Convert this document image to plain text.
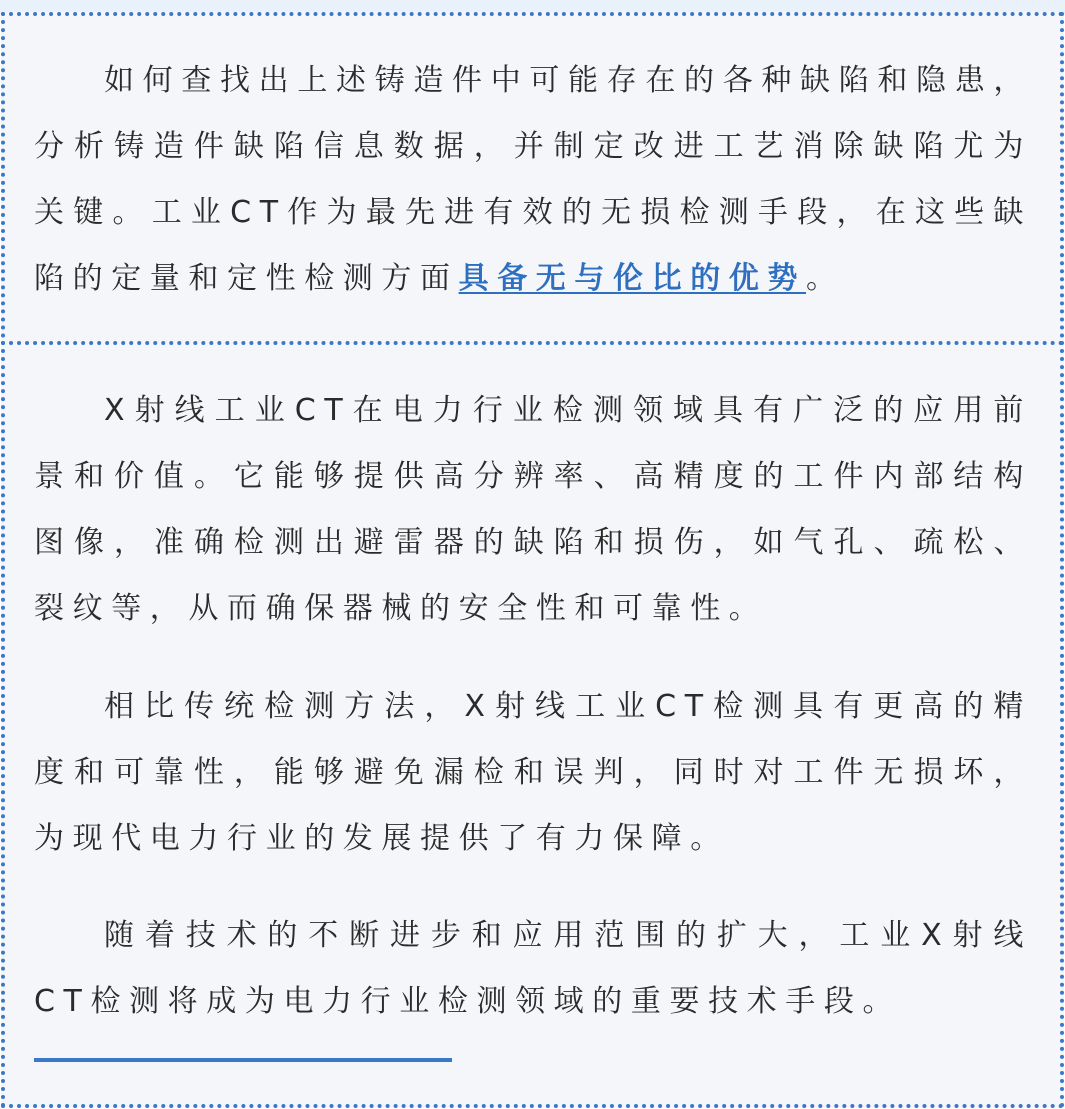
如何查找出上述铸造件中可能存在的各种缺陷和隐患，分析铸造件缺陷信息数据，并制定改进工艺消除缺陷尤为关键。工业CT作为最先进有效的无损检测手段，在这些缺陷的定量和定性检测方面具备无与伦比的优势。

X射线工业CT在电力行业检测领域具有广泛的应用前景和价值。它能够提供高分辨率、高精度的工件内部结构图像，准确检测出避雷器的缺陷和损伤，如气孔、疏松、裂纹等，从而确保器械的安全性和可靠性。

相比传统检测方法，X射线工业CT检测具有更高的精度和可靠性，能够避免漏检和误判，同时对工件无损坏，为现代电力行业的发展提供了有力保障。

随着技术的不断进步和应用范围的扩大，工业X射线CT检测将成为电力行业检测领域的重要技术手段。
